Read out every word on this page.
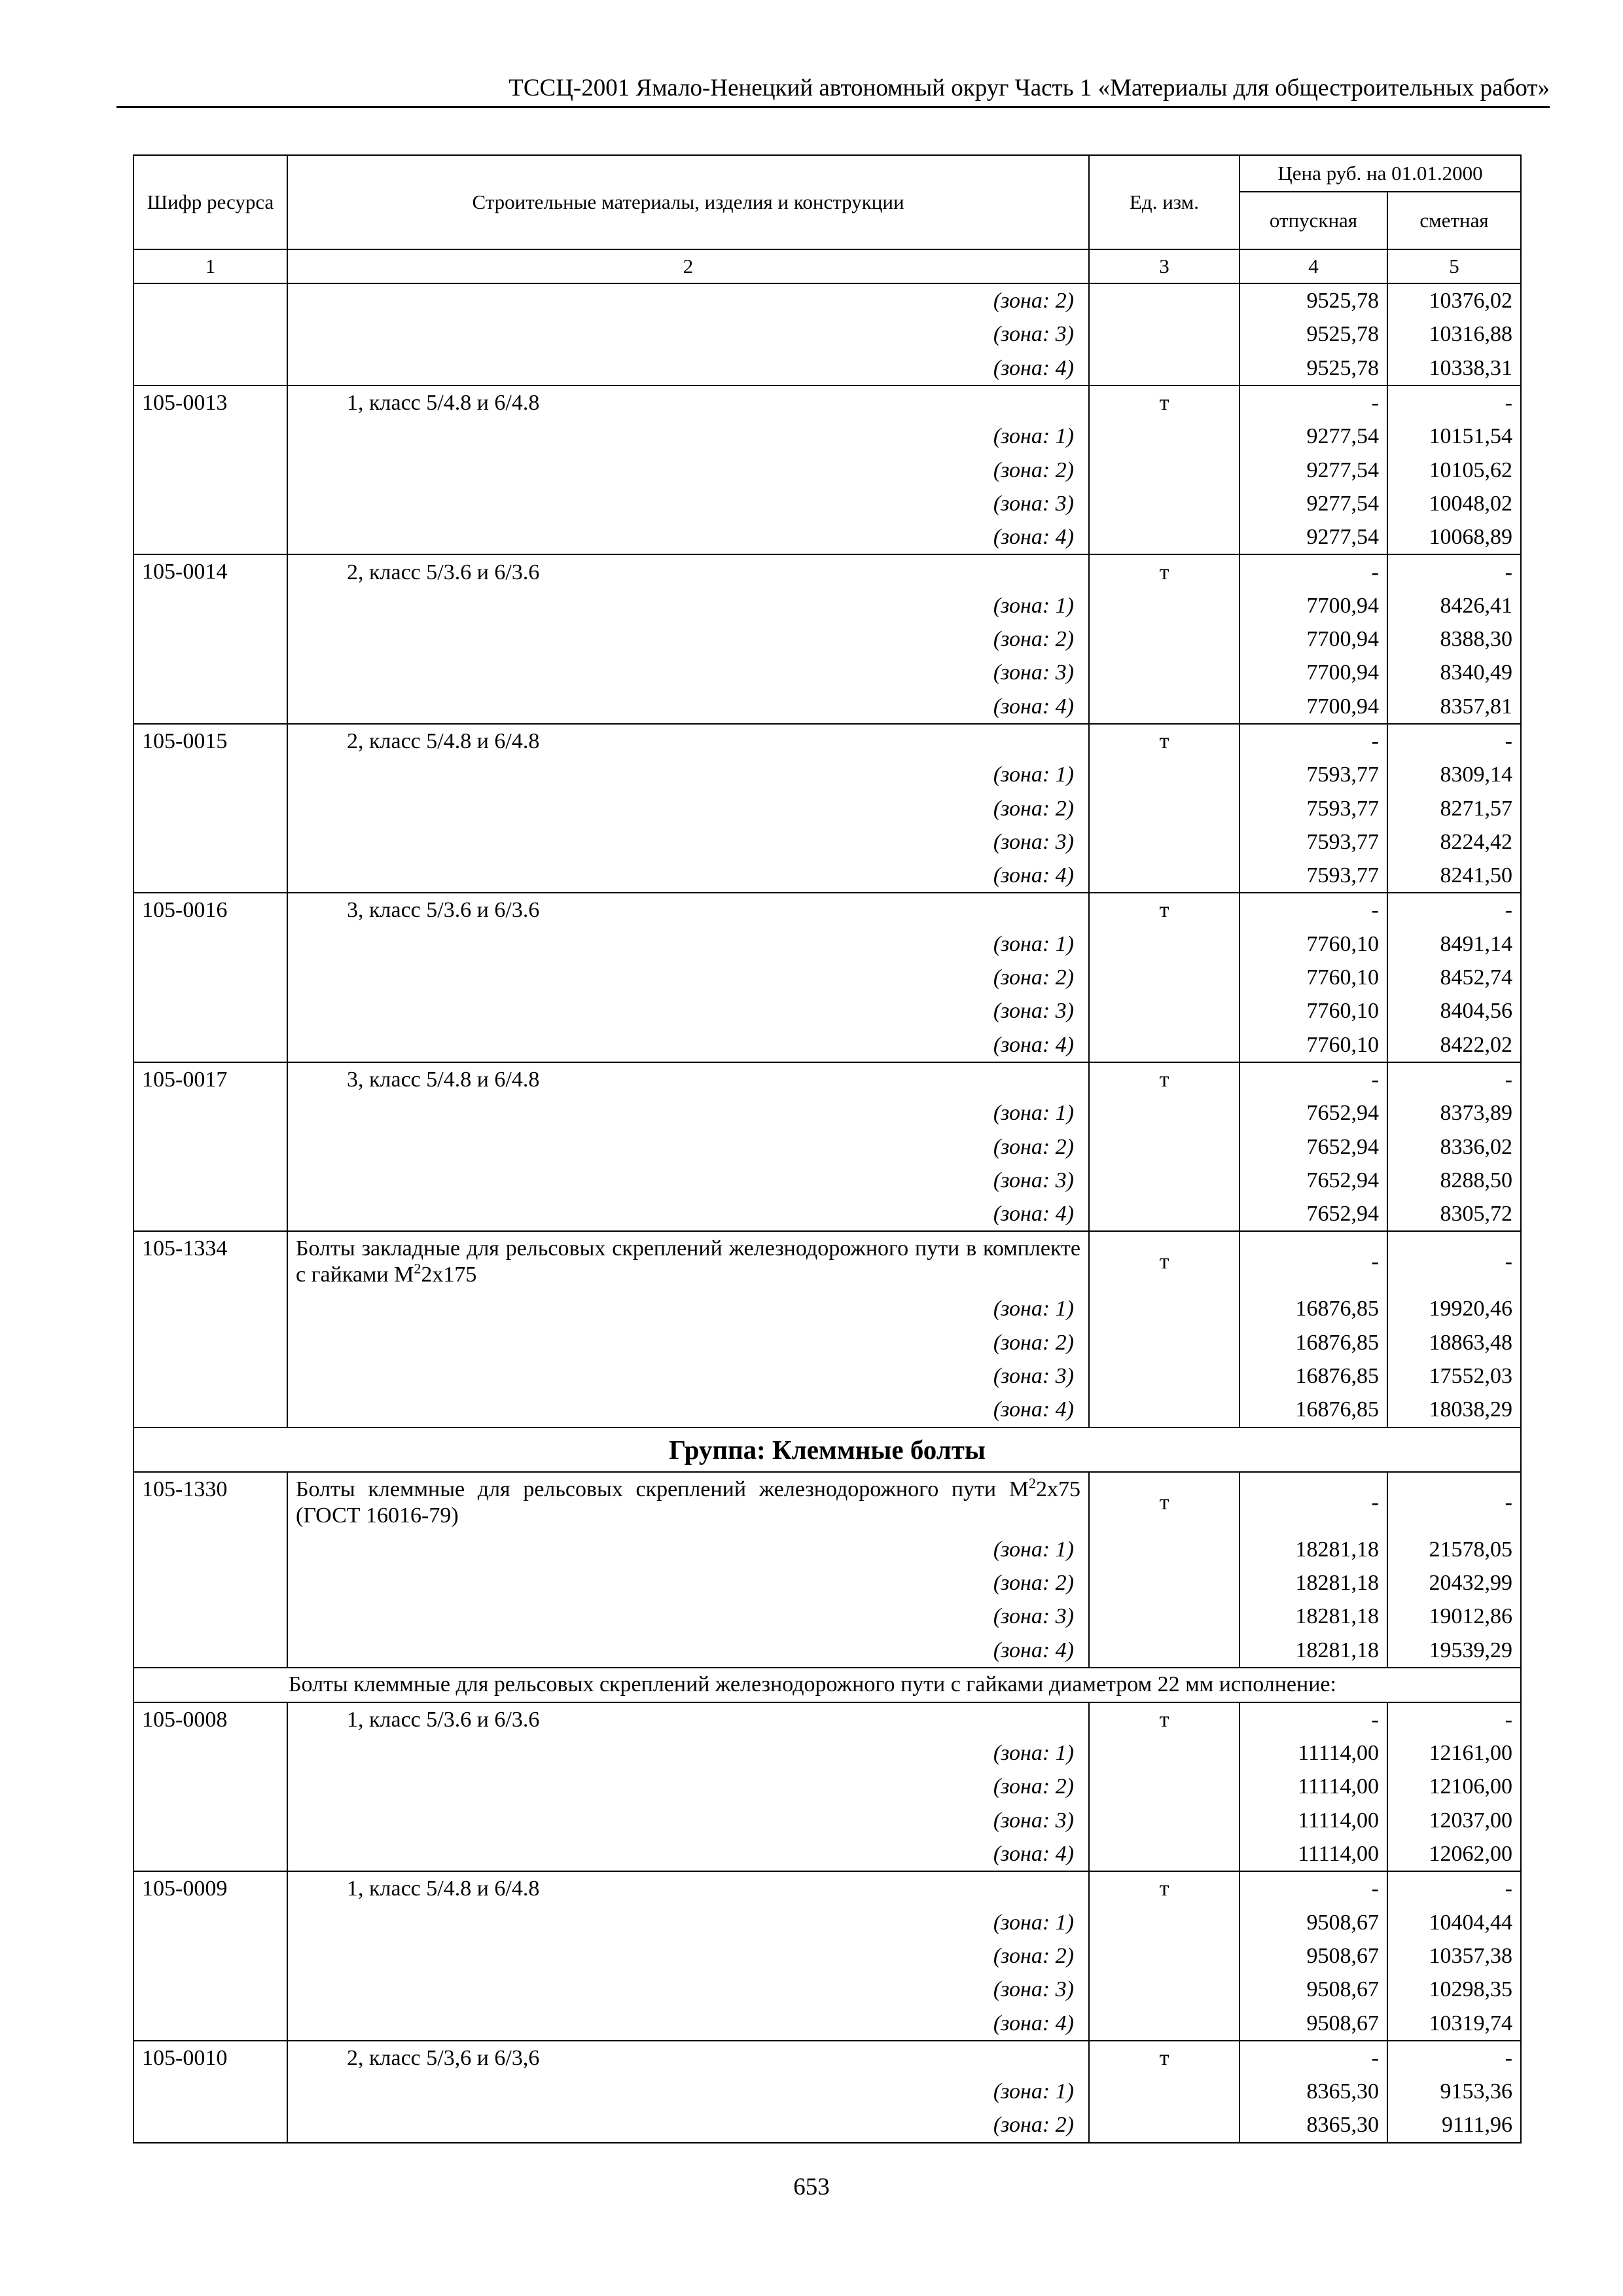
ТССЦ-2001 Ямало-Ненецкий автономный округ Часть 1 «Материалы для общестроительных работ»
Шифр ресурса	Строительные материалы, изделия и конструкции	Ед. изм.	Цена руб. на 01.01.2000	
			отпускная	сметная
1	2	3	4	5
	(зона: 2)		9525,78	10376,02
	(зона: 3)		9525,78	10316,88
	(зона: 4)		9525,78	10338,31
105-0013	1, класс 5/4.8 и 6/4.8	т	-	-
	(зона: 1)		9277,54	10151,54
	(зона: 2)		9277,54	10105,62
	(зона: 3)		9277,54	10048,02
	(зона: 4)		9277,54	10068,89
105-0014	2, класс 5/3.6 и 6/3.6	т	-	-
	(зона: 1)		7700,94	8426,41
	(зона: 2)		7700,94	8388,30
	(зона: 3)		7700,94	8340,49
	(зона: 4)		7700,94	8357,81
105-0015	2, класс 5/4.8 и 6/4.8	т	-	-
	(зона: 1)		7593,77	8309,14
	(зона: 2)		7593,77	8271,57
	(зона: 3)		7593,77	8224,42
	(зона: 4)		7593,77	8241,50
105-0016	3, класс 5/3.6 и 6/3.6	т	-	-
	(зона: 1)		7760,10	8491,14
	(зона: 2)		7760,10	8452,74
	(зона: 3)		7760,10	8404,56
	(зона: 4)		7760,10	8422,02
105-0017	3, класс 5/4.8 и 6/4.8	т	-	-
	(зона: 1)		7652,94	8373,89
	(зона: 2)		7652,94	8336,02
	(зона: 3)		7652,94	8288,50
	(зона: 4)		7652,94	8305,72
105-1334	Болты закладные для рельсовых скреплений железнодорожного пути в комплекте с гайками $М^22х175$	т	-	-
	(зона: 1)		16876,85	19920,46
	(зона: 2)		16876,85	18863,48
	(зона: 3)		16876,85	17552,03
	(зона: 4)		16876,85	18038,29
Группа: Клеммные болты				
105-1330	Болты клеммные для рельсовых скреплений железнодорожного пути $М^22х75$ (ГОСТ 16016-79)	т	-	-
	(зона: 1)		18281,18	21578,05
	(зона: 2)		18281,18	20432,99
	(зона: 3)		18281,18	19012,86
	(зона: 4)		18281,18	19539,29
Болты клеммные для рельсовых скреплений железнодорожного пути с гайками диаметром 22 мм исполнение:				
105-0008	1, класс 5/3.6 и 6/3.6	т	-	-
	(зона: 1)		11114,00	12161,00
	(зона: 2)		11114,00	12106,00
	(зона: 3)		11114,00	12037,00
	(зона: 4)		11114,00	12062,00
105-0009	1, класс 5/4.8 и 6/4.8	т	-	-
	(зона: 1)		9508,67	10404,44
	(зона: 2)		9508,67	10357,38
	(зона: 3)		9508,67	10298,35
	(зона: 4)		9508,67	10319,74
105-0010	2, класс 5/3,6 и 6/3,6	т	-	-
	(зона: 1)		8365,30	9153,36
	(зона: 2)		8365,30	9111,96
653
